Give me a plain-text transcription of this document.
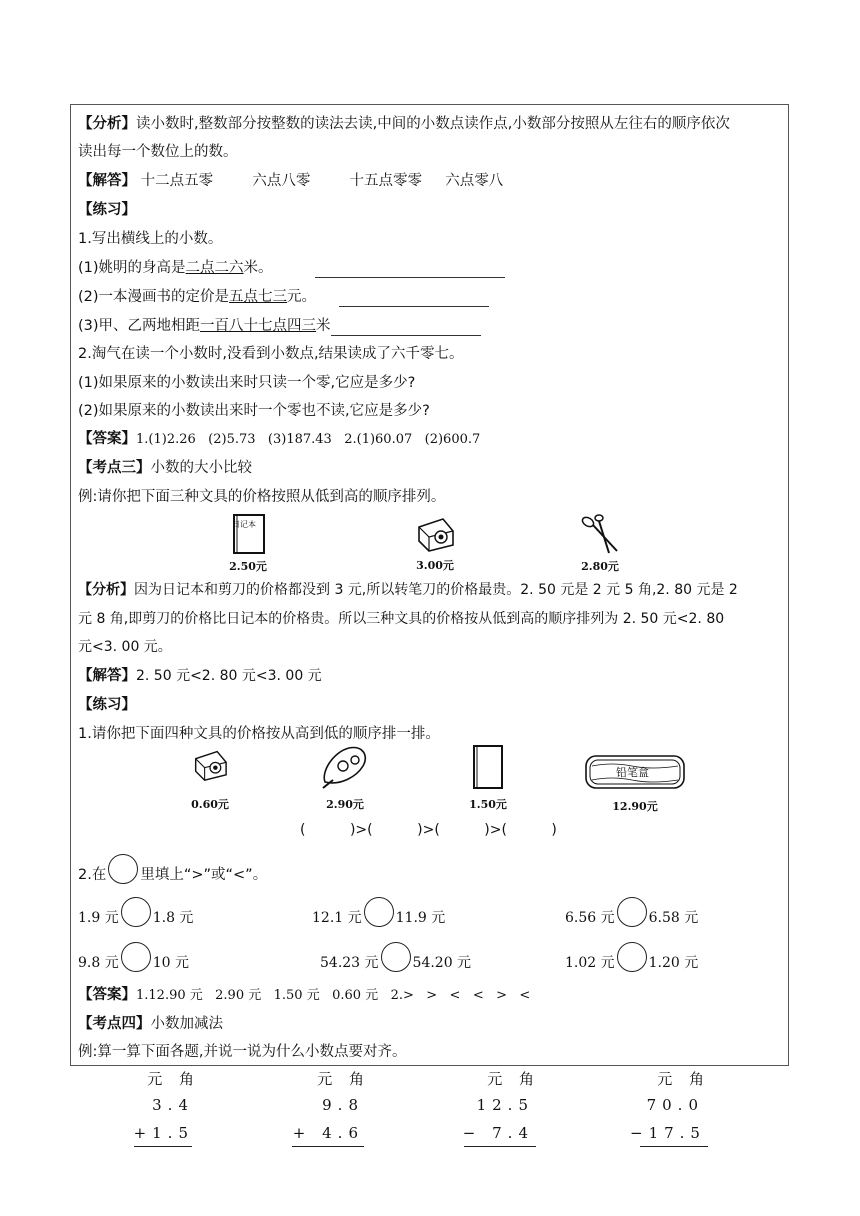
【分析】读小数时,整数部分按整数的读法去读,中间的小数点读作点,小数部分按照从左往右的顺序依次
读出每一个数位上的数。
【解答】 十二点五零	六点八零	十五点零零 六点零八
【练习】
1.写出横线上的小数。
(1)姚明的身高是二点二六米。
(2)一本漫画书的定价是五点七三元。
(3)甲、乙两地相距一百八十七点四三米
2.淘气在读一个小数时,没看到小数点,结果读成了六千零七。
(1)如果原来的小数读出来时只读一个零,它应是多少?
(2)如果原来的小数读出来时一个零也不读,它应是多少?
【答案】1.(1)2.26   (2)5.73   (3)187.43   2.(1)60.07   (2)600.7
【考点三】小数的大小比较
例:请你把下面三种文具的价格按照从低到高的顺序排列。
日记本
2.50元	3.00元	2.80元
【分析】因为日记本和剪刀的价格都没到 3 元,所以转笔刀的价格最贵。2. 50 元是 2 元 5 角,2. 80 元是 2
元 8 角,即剪刀的价格比日记本的价格贵。所以三种文具的价格按从低到高的顺序排列为 2. 50 元<2. 80
元<3. 00 元。
【解答】2. 50 元<2. 80 元<3. 00 元
【练习】
1.请你把下面四种文具的价格按从高到低的顺序排一排。
0.60元	2.90元	1.50元
铅笔盒
12.90元
(          )>(          )>(          )>(          )
2.在 里填上“>”或“<”。
1.9 元 1.8 元	12.1 元 11.9 元	6.56 元 6.58 元
9.8 元 10 元	54.23 元 54.20 元	1.02 元 1.20 元
【答案】1.12.90 元   2.90 元   1.50 元   0.60 元   2.>   >   <   <   >   <
【考点四】小数加减法
例:算一算下面各题,并说一说为什么小数点要对齐。
元 角
3.4
+1.5
元 角
9.8
+ 4.6
元 角
12.5
− 7.4
元 角
70.0
−17.5
